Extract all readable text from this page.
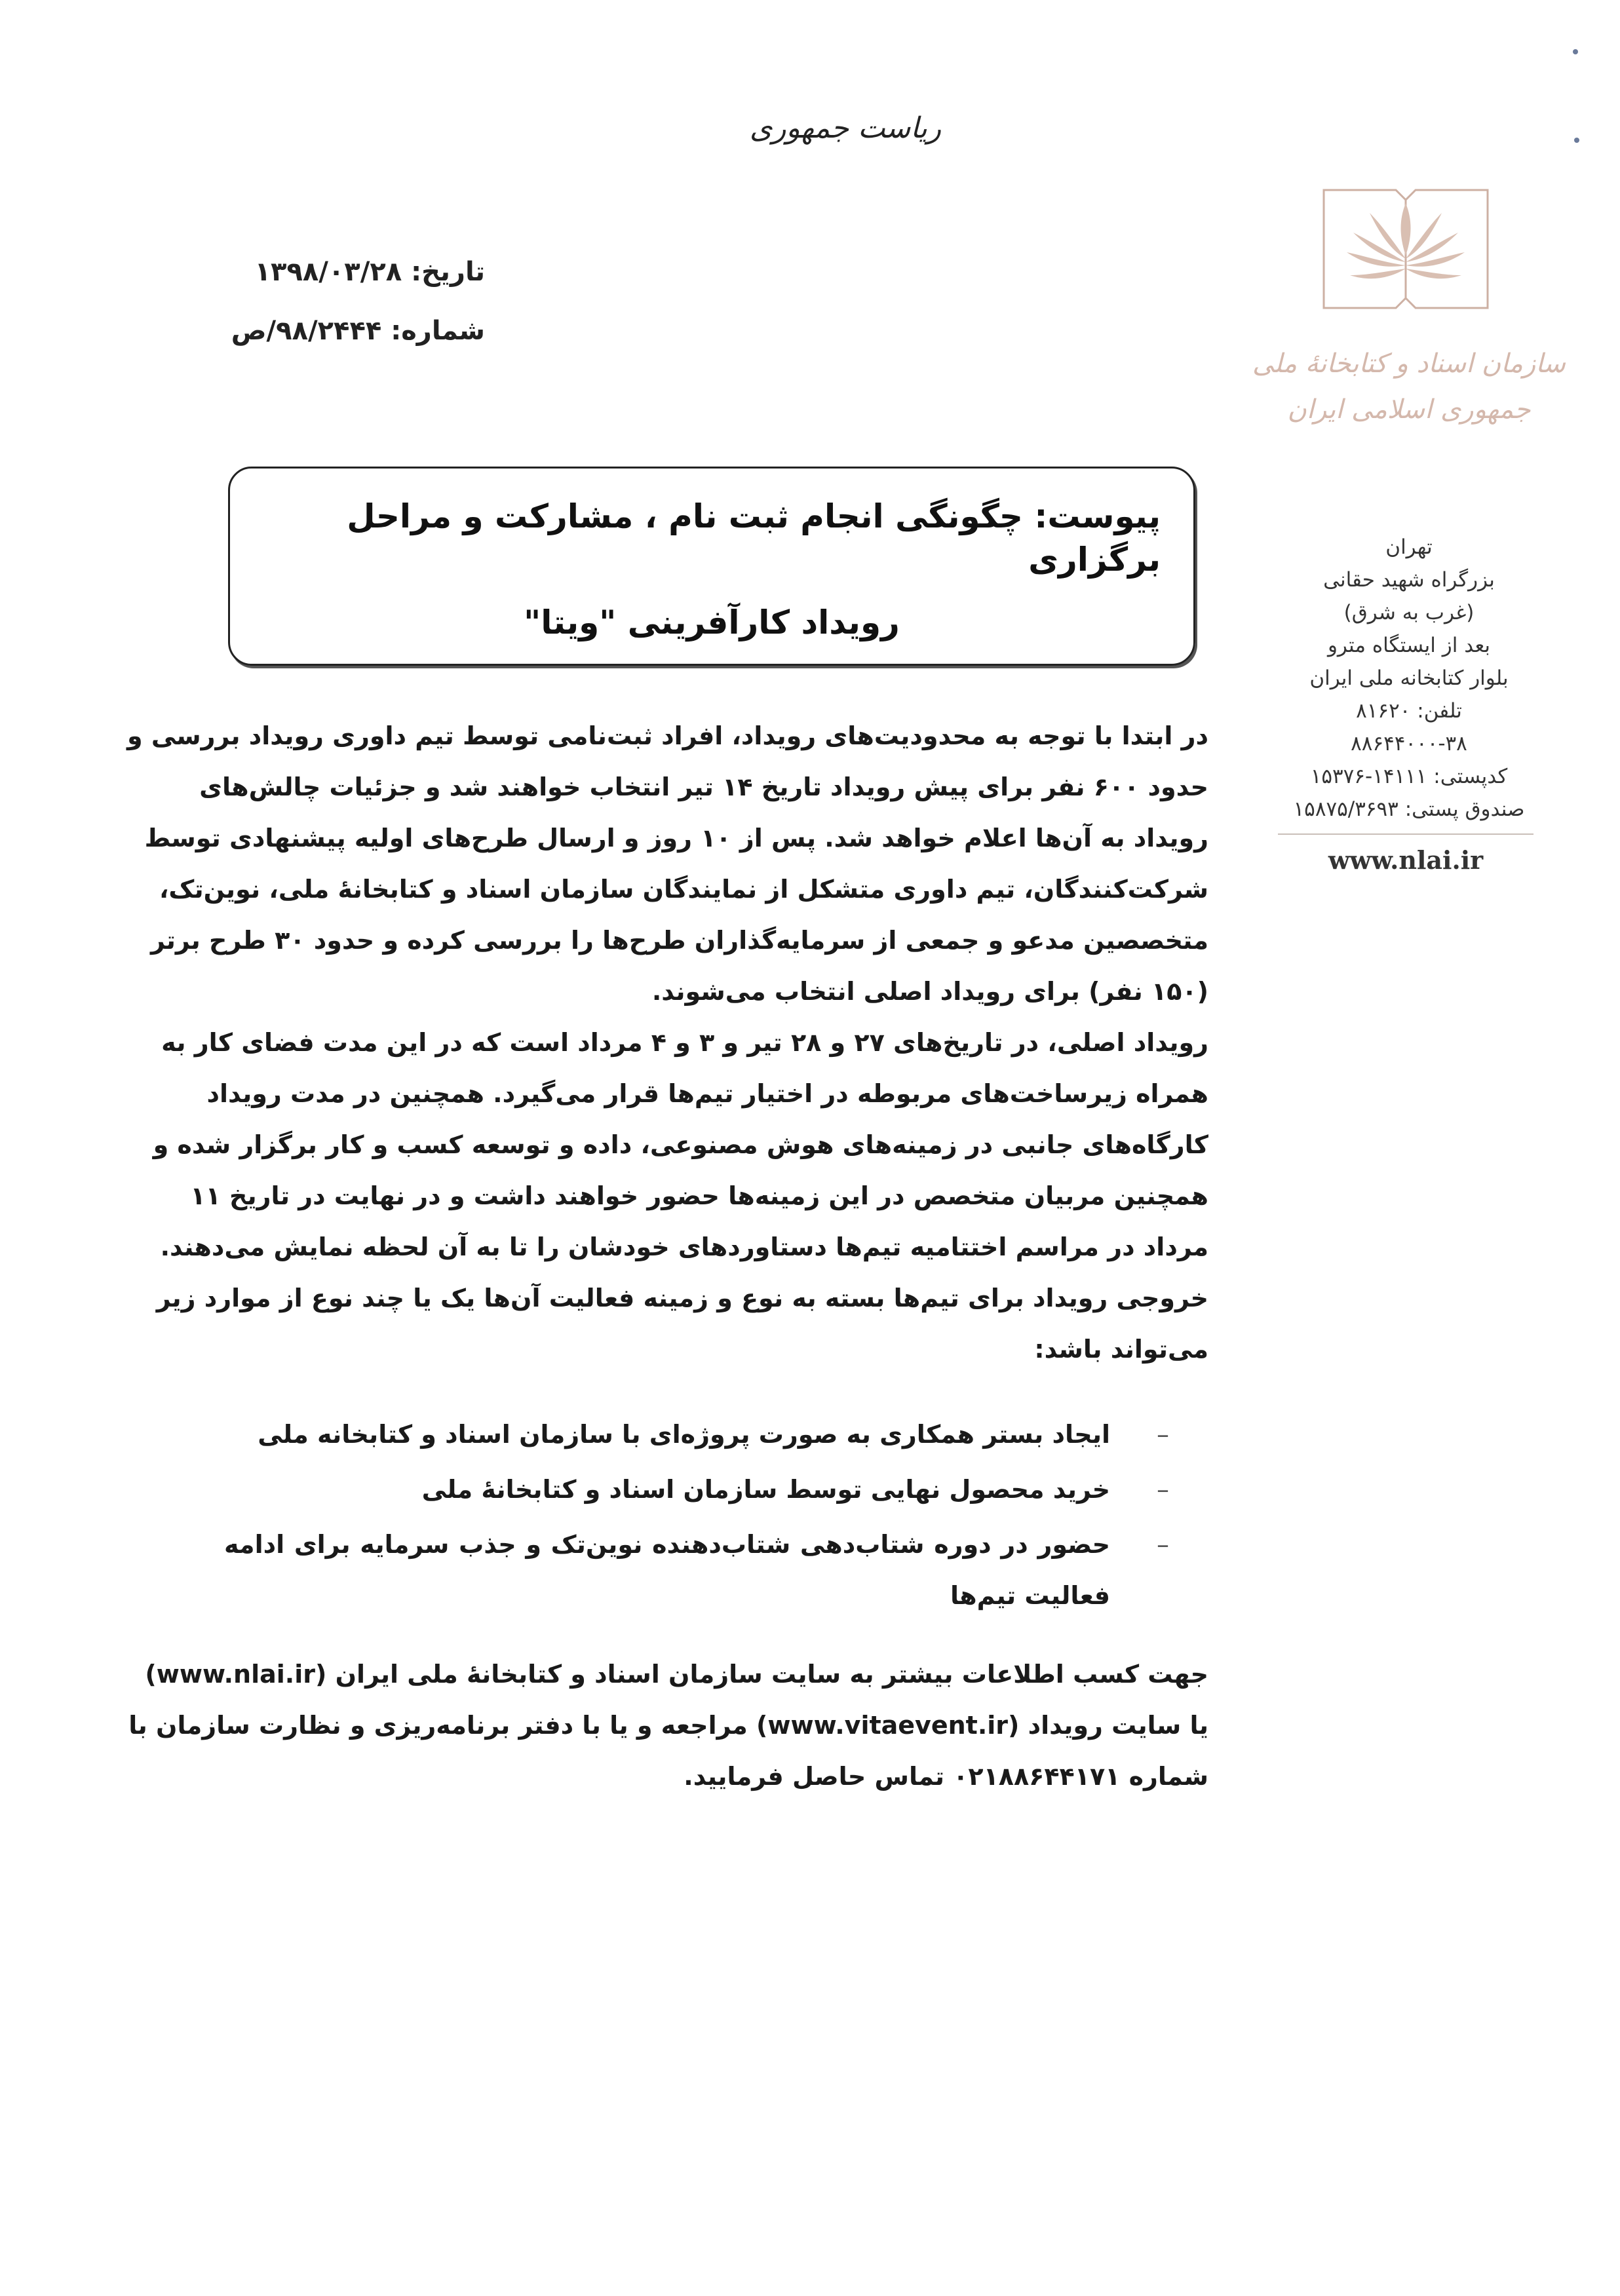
ریاست جمهوری
تاریخ: ۱۳۹۸/۰۳/۲۸
شماره: ۹۸/۲۴۴۴/ص
سازمان اسناد و کتابخانهٔ ملی
جمهوری اسلامی ایران
تهران
بزرگراه شهید حقانی
(غرب به شرق)
بعد از ایستگاه مترو
بلوار کتابخانه ملی ایران
تلفن: ۸۱۶۲۰
۸۸۶۴۴۰۰۰-۳۸
کدپستی: ۱۴۱۱۱-۱۵۳۷۶
صندوق پستی: ۱۵۸۷۵/۳۶۹۳
www.nlai.ir
پیوست: چگونگی انجام ثبت نام ، مشارکت و مراحل برگزاری
رویداد کارآفرینی "ویتا"
در ابتدا با توجه به محدودیت‌های رویداد، افراد ثبت‌نامی توسط تیم داوری رویداد بررسی و
حدود ۶۰۰ نفر برای پیش رویداد تاریخ ۱۴ تیر انتخاب خواهند شد و جزئیات چالش‌های
رویداد به آن‌ها اعلام خواهد شد. پس از ۱۰ روز و ارسال طرح‌های اولیه پیشنهادی توسط
شرکت‌کنندگان، تیم داوری متشکل از نمایندگان سازمان اسناد و کتابخانهٔ ملی، نوین‌تک،
متخصصین مدعو و جمعی از سرمایه‌گذاران طرح‌ها را بررسی کرده و حدود ۳۰ طرح برتر
(۱۵۰ نفر) برای رویداد اصلی انتخاب می‌شوند.
رویداد اصلی، در تاریخ‌های ۲۷ و ۲۸ تیر و ۳ و ۴ مرداد است که در این مدت فضای کار به
همراه زیرساخت‌های مربوطه در اختیار تیم‌ها قرار می‌گیرد. همچنین در مدت رویداد
کارگاه‌های جانبی در زمینه‌های هوش مصنوعی، داده و توسعه کسب و کار برگزار شده و
همچنین مربیان متخصص در این زمینه‌ها حضور خواهند داشت و در نهایت در تاریخ ۱۱
مرداد در مراسم اختتامیه تیم‌ها دستاوردهای خودشان را تا به آن لحظه نمایش می‌دهند.
خروجی رویداد برای تیم‌ها بسته به نوع و زمینه فعالیت آن‌ها یک یا چند نوع از موارد زیر
می‌تواند باشد:
–
ایجاد بستر همکاری به صورت پروژه‌ای با سازمان اسناد و کتابخانه ملی
–
خرید محصول نهایی توسط سازمان اسناد و کتابخانهٔ ملی
–
حضور در دوره شتاب‌دهی شتاب‌دهنده نوین‌تک و جذب سرمایه برای ادامه
فعالیت تیم‌ها
جهت کسب اطلاعات بیشتر به سایت سازمان اسناد و کتابخانهٔ ملی ایران (www.nlai.ir)
یا سایت رویداد (www.vitaevent.ir) مراجعه و یا با دفتر برنامه‌ریزی و نظارت سازمان با
شماره ۰۲۱۸۸۶۴۴۱۷۱ تماس حاصل فرمایید.
